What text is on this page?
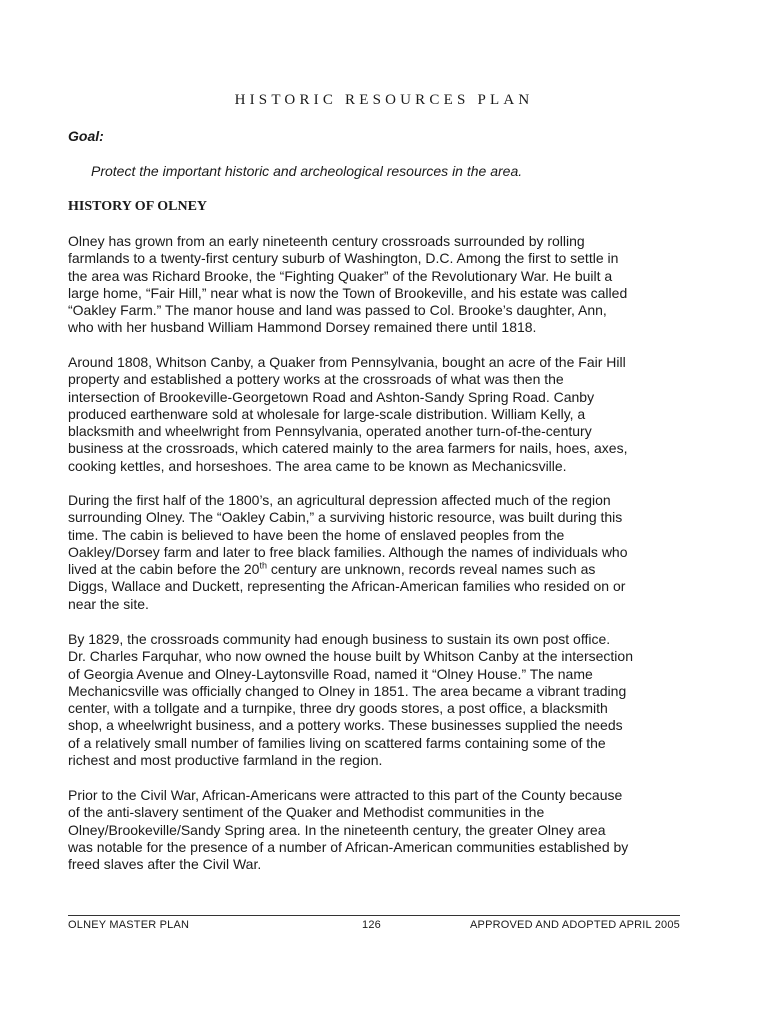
HISTORIC RESOURCES PLAN
Goal:
Protect the important historic and archeological resources in the area.
HISTORY OF OLNEY
Olney has grown from an early nineteenth century crossroads surrounded by rolling
farmlands to a twenty-first century suburb of Washington, D.C. Among the first to settle in
the area was Richard Brooke, the “Fighting Quaker” of the Revolutionary War. He built a
large home, “Fair Hill,” near what is now the Town of Brookeville, and his estate was called
“Oakley Farm.” The manor house and land was passed to Col. Brooke’s daughter, Ann,
who with her husband William Hammond Dorsey remained there until 1818.
Around 1808, Whitson Canby, a Quaker from Pennsylvania, bought an acre of the Fair Hill
property and established a pottery works at the crossroads of what was then the
intersection of Brookeville-Georgetown Road and Ashton-Sandy Spring Road. Canby
produced earthenware sold at wholesale for large-scale distribution. William Kelly, a
blacksmith and wheelwright from Pennsylvania, operated another turn-of-the-century
business at the crossroads, which catered mainly to the area farmers for nails, hoes, axes,
cooking kettles, and horseshoes. The area came to be known as Mechanicsville.
During the first half of the 1800’s, an agricultural depression affected much of the region
surrounding Olney. The “Oakley Cabin,” a surviving historic resource, was built during this
time. The cabin is believed to have been the home of enslaved peoples from the
Oakley/Dorsey farm and later to free black families. Although the names of individuals who
lived at the cabin before the 20th century are unknown, records reveal names such as
Diggs, Wallace and Duckett, representing the African-American families who resided on or
near the site.
By 1829, the crossroads community had enough business to sustain its own post office.
Dr. Charles Farquhar, who now owned the house built by Whitson Canby at the intersection
of Georgia Avenue and Olney-Laytonsville Road, named it “Olney House.” The name
Mechanicsville was officially changed to Olney in 1851. The area became a vibrant trading
center, with a tollgate and a turnpike, three dry goods stores, a post office, a blacksmith
shop, a wheelwright business, and a pottery works. These businesses supplied the needs
of a relatively small number of families living on scattered farms containing some of the
richest and most productive farmland in the region.
Prior to the Civil War, African-Americans were attracted to this part of the County because
of the anti-slavery sentiment of the Quaker and Methodist communities in the
Olney/Brookeville/Sandy Spring area. In the nineteenth century, the greater Olney area
was notable for the presence of a number of African-American communities established by
freed slaves after the Civil War.
OLNEY MASTER PLAN	126	APPROVED AND ADOPTED APRIL 2005
